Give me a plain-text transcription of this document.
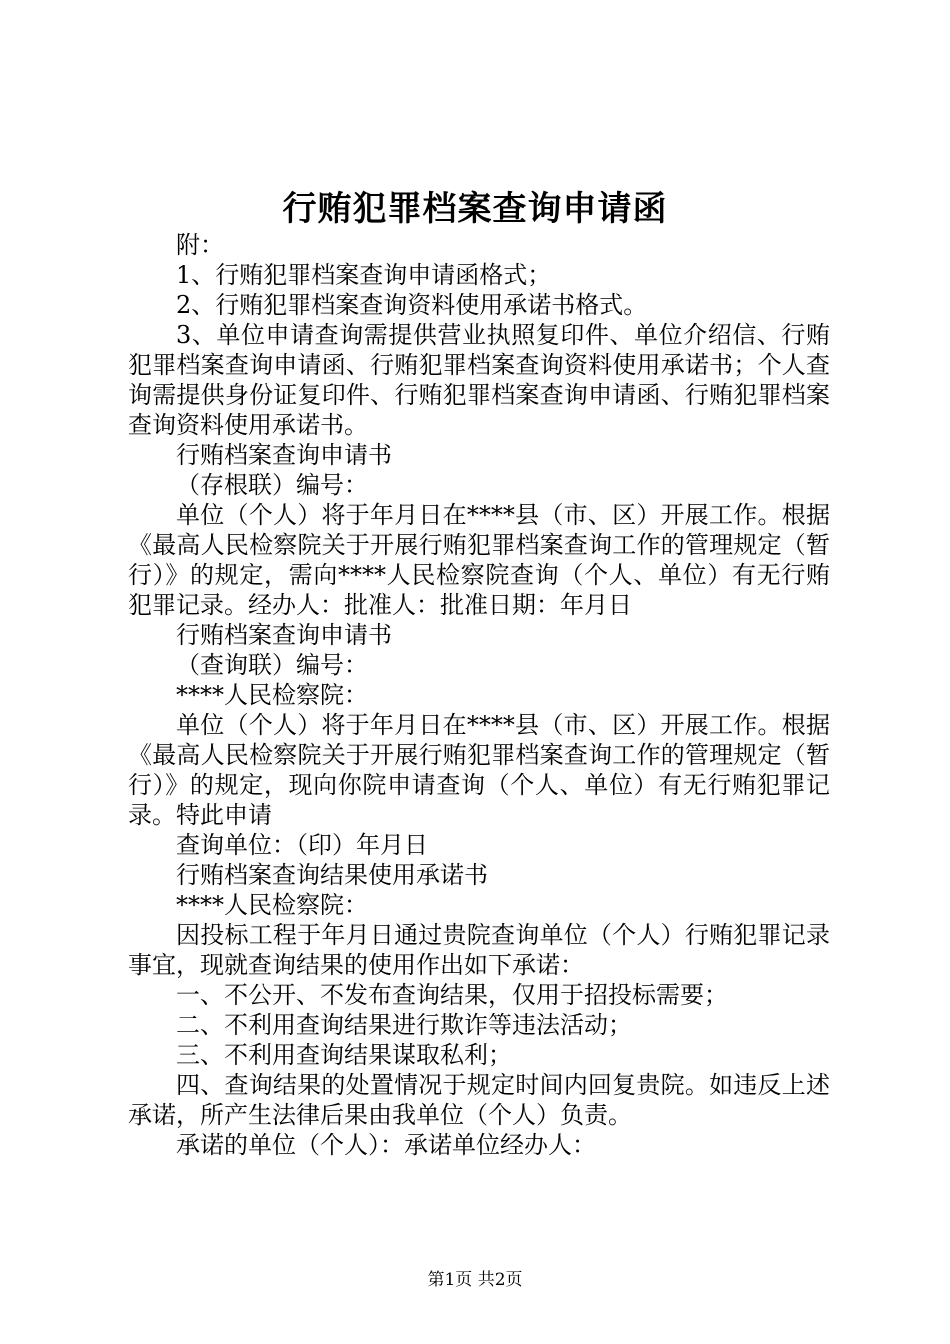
行贿犯罪档案查询申请函

附：

1、行贿犯罪档案查询申请函格式；

2、行贿犯罪档案查询资料使用承诺书格式。

3、单位申请查询需提供营业执照复印件、单位介绍信、行贿犯罪档案查询申请函、行贿犯罪档案查询资料使用承诺书；个人查询需提供身份证复印件、行贿犯罪档案查询申请函、行贿犯罪档案查询资料使用承诺书。

行贿档案查询申请书

（存根联）编号：

单位（个人）将于年月日在****县（市、区）开展工作。根据《最高人民检察院关于开展行贿犯罪档案查询工作的管理规定（暂行）》的规定，需向****人民检察院查询（个人、单位）有无行贿犯罪记录。经办人：批准人：批准日期：年月日

行贿档案查询申请书

（查询联）编号：

****人民检察院：

单位（个人）将于年月日在****县（市、区）开展工作。根据《最高人民检察院关于开展行贿犯罪档案查询工作的管理规定（暂行）》的规定，现向你院申请查询（个人、单位）有无行贿犯罪记录。特此申请

查询单位：（印）年月日

行贿档案查询结果使用承诺书

****人民检察院：

因投标工程于年月日通过贵院查询单位（个人）行贿犯罪记录事宜，现就查询结果的使用作出如下承诺：

一、不公开、不发布查询结果，仅用于招投标需要；

二、不利用查询结果进行欺诈等违法活动；

三、不利用查询结果谋取私利；

四、查询结果的处置情况于规定时间内回复贵院。如违反上述承诺，所产生法律后果由我单位（个人）负责。

承诺的单位（个人）：承诺单位经办人：

第1页 共2页
